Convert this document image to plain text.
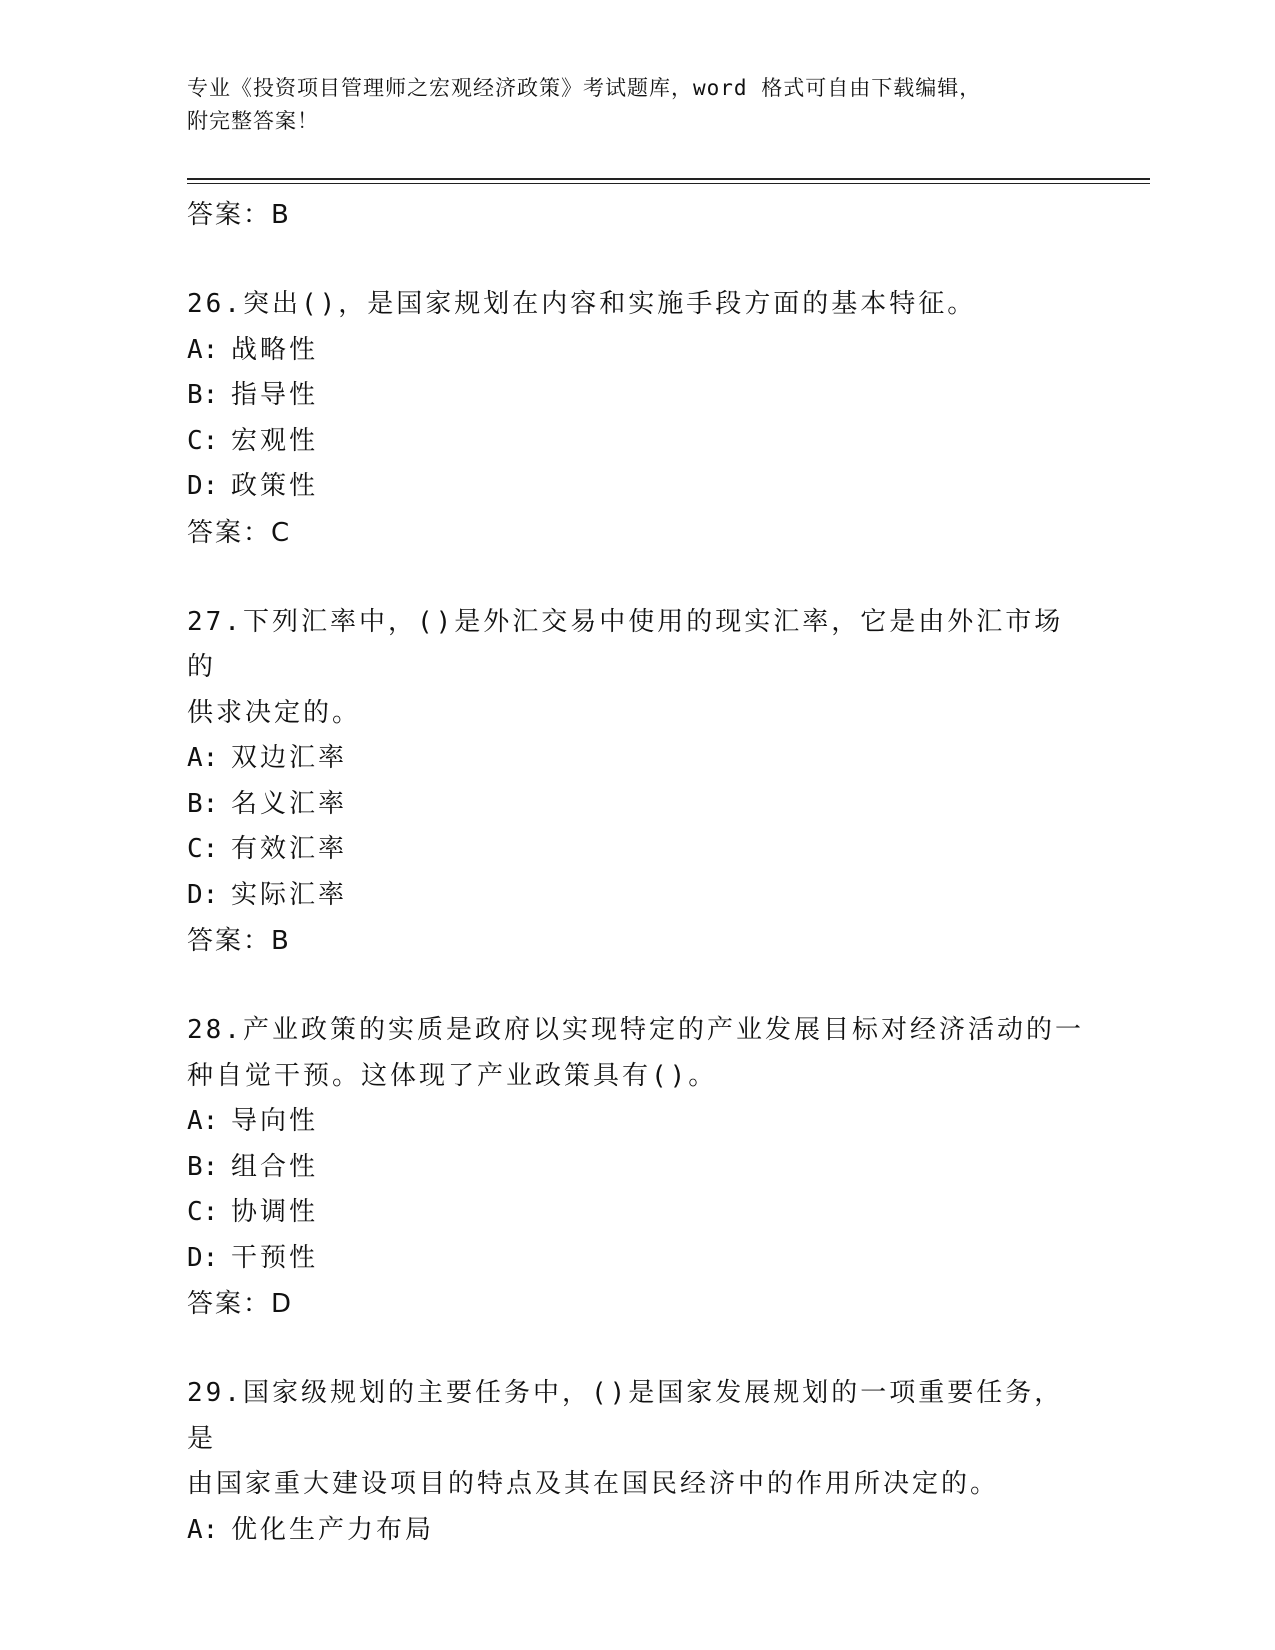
专业《投资项目管理师之宏观经济政策》考试题库，word 格式可自由下载编辑，
附完整答案！
答案：B
26.突出()，是国家规划在内容和实施手段方面的基本特征。
A: 战略性
B: 指导性
C: 宏观性
D: 政策性
答案：C
27.下列汇率中，()是外汇交易中使用的现实汇率，它是由外汇市场的
供求决定的。
A: 双边汇率
B: 名义汇率
C: 有效汇率
D: 实际汇率
答案：B
28.产业政策的实质是政府以实现特定的产业发展目标对经济活动的一
种自觉干预。这体现了产业政策具有()。
A: 导向性
B: 组合性
C: 协调性
D: 干预性
答案：D
29.国家级规划的主要任务中，()是国家发展规划的一项重要任务，是
由国家重大建设项目的特点及其在国民经济中的作用所决定的。
A: 优化生产力布局
